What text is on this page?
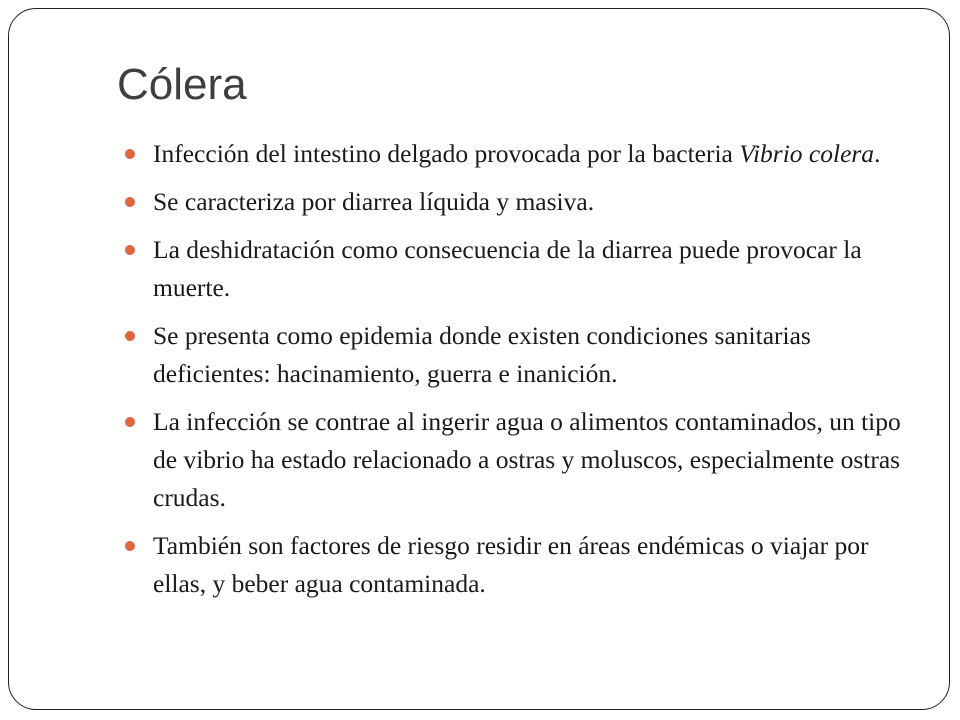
Cólera
Infección del intestino delgado provocada por la bacteria Vibrio colera.
Se caracteriza por diarrea líquida y masiva.
La deshidratación como consecuencia de la diarrea puede provocar la muerte.
Se presenta como epidemia donde existen condiciones sanitarias deficientes: hacinamiento, guerra e inanición.
La infección se contrae al ingerir agua o alimentos contaminados, un tipo de vibrio ha estado relacionado a ostras y moluscos, especialmente ostras crudas.
También son factores de riesgo residir en áreas endémicas o viajar por ellas, y beber agua contaminada.
